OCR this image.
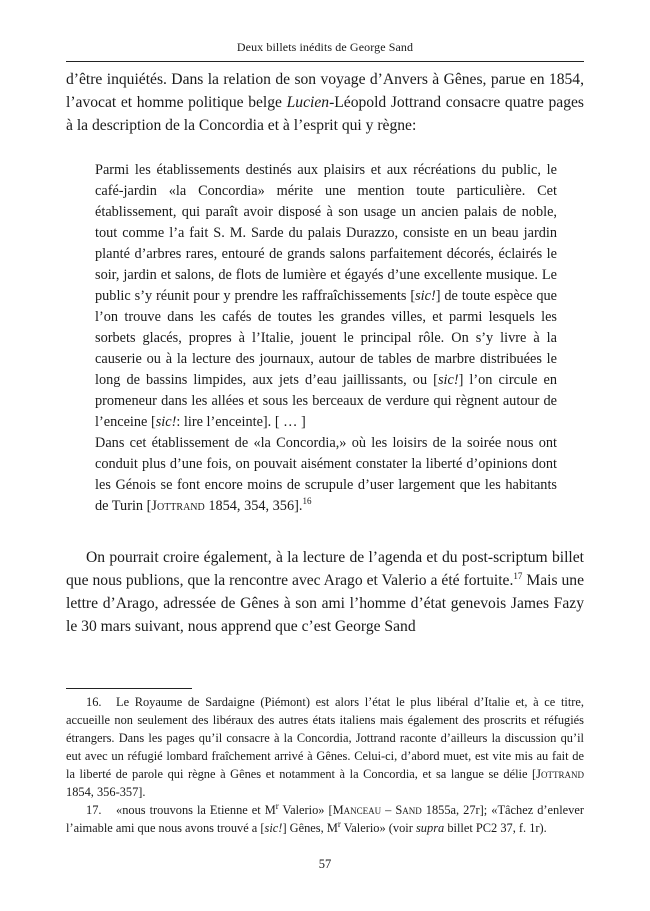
Deux billets inédits de George Sand

d’être inquiétés. Dans la relation de son voyage d’Anvers à Gênes, parue en 1854, l’avocat et homme politique belge Lucien-Léopold Jottrand consacre quatre pages à la description de la Concordia et à l’esprit qui y règne:

Parmi les établissements destinés aux plaisirs et aux récréations du public, le café-jardin «la Concordia» mérite une mention toute particulière. Cet établissement, qui paraît avoir disposé à son usage un ancien palais de noble, tout comme l’a fait S. M. Sarde du palais Durazzo, consiste en un beau jardin planté d’arbres rares, entouré de grands salons parfaitement décorés, éclairés le soir, jardin et salons, de flots de lumière et égayés d’une excellente musique. Le public s’y réunit pour y prendre les raffraîchissements [sic!] de toute espèce que l’on trouve dans les cafés de toutes les grandes villes, et parmi lesquels les sorbets glacés, propres à l’Italie, jouent le principal rôle. On s’y livre à la causerie ou à la lecture des journaux, autour de tables de marbre distribuées le long de bassins limpides, aux jets d’eau jaillissants, ou [sic!] l’on circule en promeneur dans les allées et sous les berceaux de verdure qui règnent autour de l’enceine [sic!: lire l’enceinte]. [ … ]

Dans cet établissement de «la Concordia,» où les loisirs de la soirée nous ont conduit plus d’une fois, on pouvait aisément constater la liberté d’opinions dont les Génois se font encore moins de scrupule d’user largement que les habitants de Turin [Jottrand 1854, 354, 356].$^{16}$

On pourrait croire également, à la lecture de l’agenda et du post-scriptum billet que nous publions, que la rencontre avec Arago et Valerio a été fortuite.$^{17}$ Mais une lettre d’Arago, adressée de Gênes à son ami l’homme d’état genevois James Fazy le 30 mars suivant, nous apprend que c’est George Sand

16. Le Royaume de Sardaigne (Piémont) est alors l’état le plus libéral d’Italie et, à ce titre, accueille non seulement des libéraux des autres états italiens mais également des proscrits et réfugiés étrangers. Dans les pages qu’il consacre à la Concordia, Jottrand raconte d’ailleurs la discussion qu’il eut avec un réfugié lombard fraîchement arrivé à Gênes. Celui-ci, d’abord muet, est vite mis au fait de la liberté de parole qui règne à Gênes et notamment à la Concordia, et sa langue se délie [Jottrand 1854, 356-357].

17. «nous trouvons la Etienne et $M^r$ Valerio» [Manceau – Sand 1855a, 27r]; «Tâchez d’enlever l’aimable ami que nous avons trouvé a [sic!] Gênes, $M^r$ Valerio» (voir supra billet PC2 37, f. 1r).

57
